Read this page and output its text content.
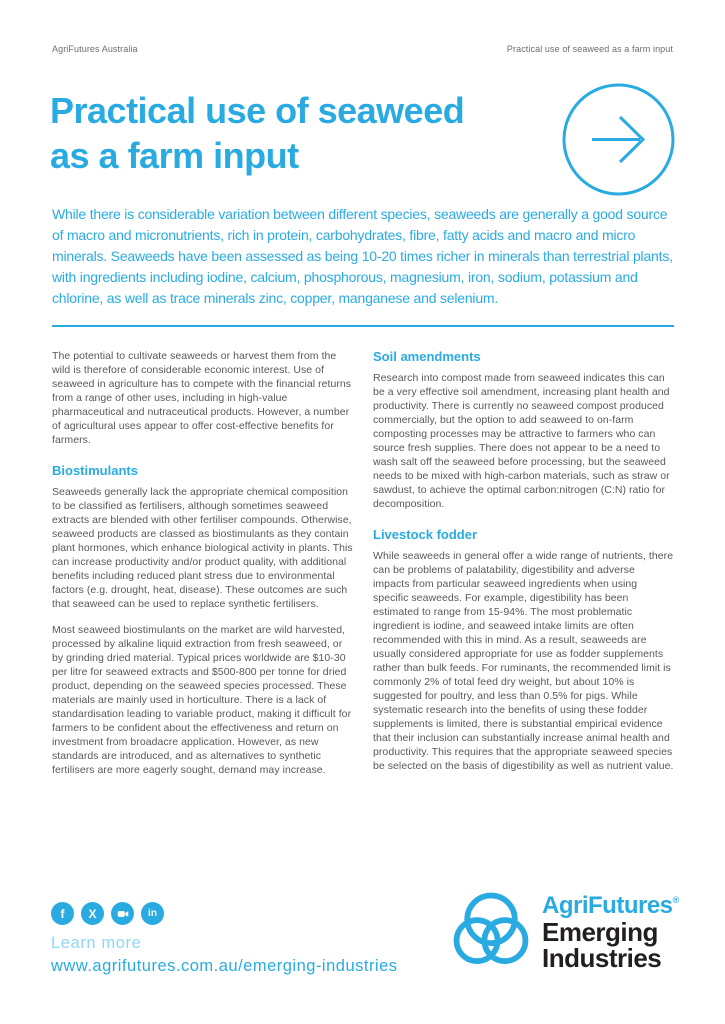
AgriFutures Australia	Practical use of seaweed as a farm input
Practical use of seaweed
as a farm input

While there is considerable variation between different species, seaweeds are generally a good source of macro and micronutrients, rich in protein, carbohydrates, fibre, fatty acids and macro and micro minerals. Seaweeds have been assessed as being 10-20 times richer in minerals than terrestrial plants, with ingredients including iodine, calcium, phosphorous, magnesium, iron, sodium, potassium and chlorine, as well as trace minerals zinc, copper, manganese and selenium.

The potential to cultivate seaweeds or harvest them from the wild is therefore of considerable economic interest. Use of seaweed in agriculture has to compete with the financial returns from a range of other uses, including in high-value pharmaceutical and nutraceutical products. However, a number of agricultural uses appear to offer cost-effective benefits for farmers.

Biostimulants

Seaweeds generally lack the appropriate chemical composition to be classified as fertilisers, although sometimes seaweed extracts are blended with other fertiliser compounds. Otherwise, seaweed products are classed as biostimulants as they contain plant hormones, which enhance biological activity in plants. This can increase productivity and/or product quality, with additional benefits including reduced plant stress due to environmental factors (e.g. drought, heat, disease). These outcomes are such that seaweed can be used to replace synthetic fertilisers.

Most seaweed biostimulants on the market are wild harvested, processed by alkaline liquid extraction from fresh seaweed, or by grinding dried material. Typical prices worldwide are $10-30 per litre for seaweed extracts and $500-800 per tonne for dried product, depending on the seaweed species processed. These materials are mainly used in horticulture. There is a lack of standardisation leading to variable product, making it difficult for farmers to be confident about the effectiveness and return on investment from broadacre application. However, as new standards are introduced, and as alternatives to synthetic fertilisers are more eagerly sought, demand may increase.

Soil amendments

Research into compost made from seaweed indicates this can be a very effective soil amendment, increasing plant health and productivity. There is currently no seaweed compost produced commercially, but the option to add seaweed to on-farm composting processes may be attractive to farmers who can source fresh supplies. There does not appear to be a need to wash salt off the seaweed before processing, but the seaweed needs to be mixed with high-carbon materials, such as straw or sawdust, to achieve the optimal carbon:nitrogen (C:N) ratio for decomposition.

Livestock fodder

While seaweeds in general offer a wide range of nutrients, there can be problems of palatability, digestibility and adverse impacts from particular seaweed ingredients when using specific seaweeds. For example, digestibility has been estimated to range from 15-94%. The most problematic ingredient is iodine, and seaweed intake limits are often recommended with this in mind. As a result, seaweeds are usually considered appropriate for use as fodder supplements rather than bulk feeds. For ruminants, the recommended limit is commonly 2% of total feed dry weight, but about 10% is suggested for poultry, and less than 0.5% for pigs. While systematic research into the benefits of using these fodder supplements is limited, there is substantial empirical evidence that their inclusion can substantially increase animal health and productivity. This requires that the appropriate seaweed species be selected on the basis of digestibility as well as nutrient value.

f X	in
Learn more
www.agrifutures.com.au/emerging-industries
AgriFutures®
Emerging
Industries
